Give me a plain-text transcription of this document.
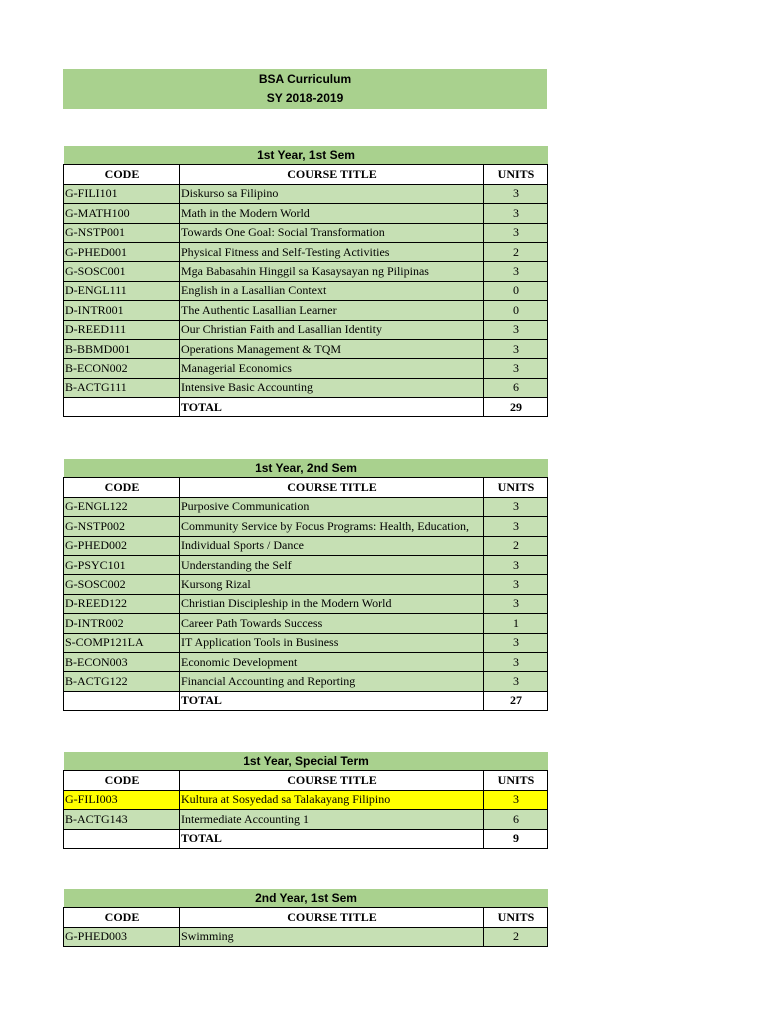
BSA Curriculum
SY 2018-2019
1st Year, 1st Sem		
CODE	COURSE TITLE	UNITS
G-FILI101	Diskurso sa Filipino	3
G-MATH100	Math in the Modern World	3
G-NSTP001	Towards One Goal: Social Transformation	3
G-PHED001	Physical Fitness and Self-Testing Activities	2
G-SOSC001	Mga Babasahin Hinggil sa Kasaysayan ng Pilipinas	3
D-ENGL111	English in a Lasallian Context	0
D-INTR001	The Authentic Lasallian Learner	0
D-REED111	Our Christian Faith and Lasallian Identity	3
B-BBMD001	Operations Management & TQM	3
B-ECON002	Managerial Economics	3
B-ACTG111	Intensive Basic Accounting	6
	TOTAL	29
1st Year, 2nd Sem		
CODE	COURSE TITLE	UNITS
G-ENGL122	Purposive Communication	3
G-NSTP002	Community Service by Focus Programs: Health, Education,	3
G-PHED002	Individual Sports / Dance	2
G-PSYC101	Understanding the Self	3
G-SOSC002	Kursong Rizal	3
D-REED122	Christian Discipleship in the Modern World	3
D-INTR002	Career Path Towards Success	1
S-COMP121LA	IT Application Tools in Business	3
B-ECON003	Economic Development	3
B-ACTG122	Financial Accounting and Reporting	3
	TOTAL	27
1st Year, Special Term		
CODE	COURSE TITLE	UNITS
G-FILI003	Kultura at Sosyedad sa Talakayang Filipino	3
B-ACTG143	Intermediate Accounting 1	6
	TOTAL	9
2nd Year, 1st Sem		
CODE	COURSE TITLE	UNITS
G-PHED003	Swimming	2
